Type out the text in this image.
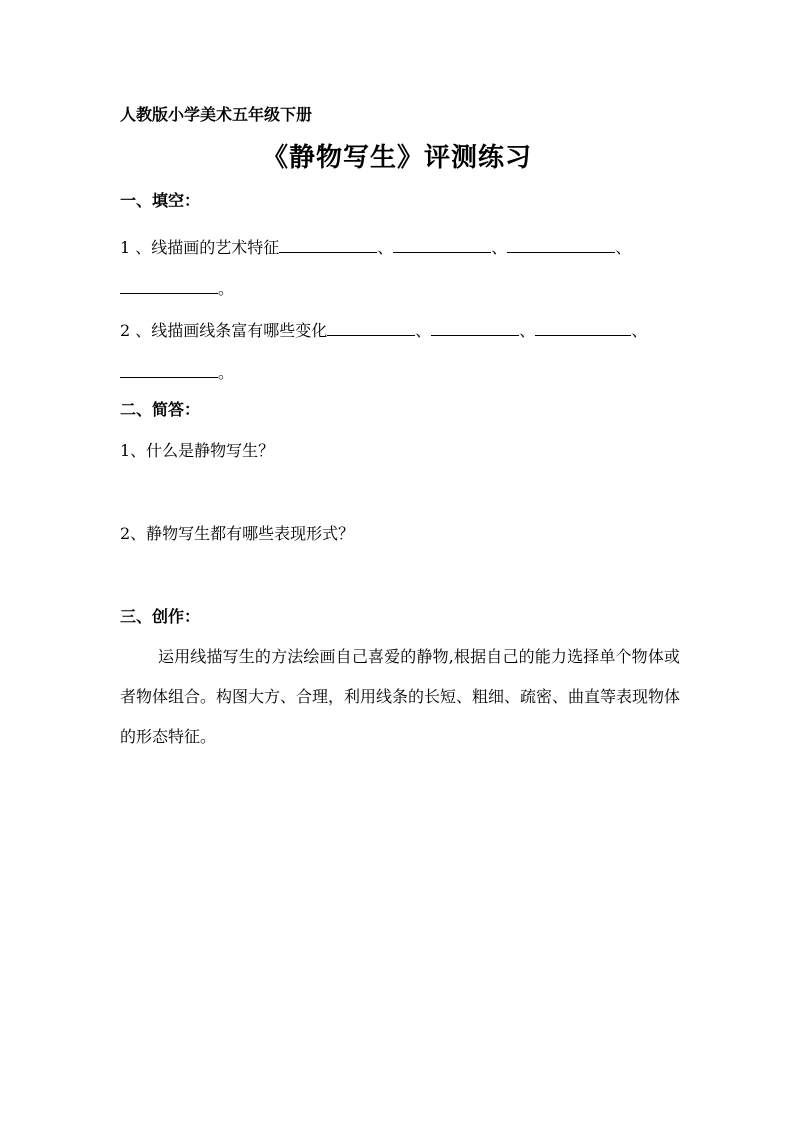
人教版小学美术五年级下册
《静物写生》评测练习
一、填空：
1 、线描画的艺术特征	、	、	、
。
2 、线描画线条富有哪些变化	、	、	、
。
二、简答：
1、什么是静物写生？
2、静物写生都有哪些表现形式？
三、创作：
运用线描写生的方法绘画自己喜爱的静物,根据自己的能力选择单个物体或者物体组合。构图大方、合理，利用线条的长短、粗细、疏密、曲直等表现物体的形态特征。
